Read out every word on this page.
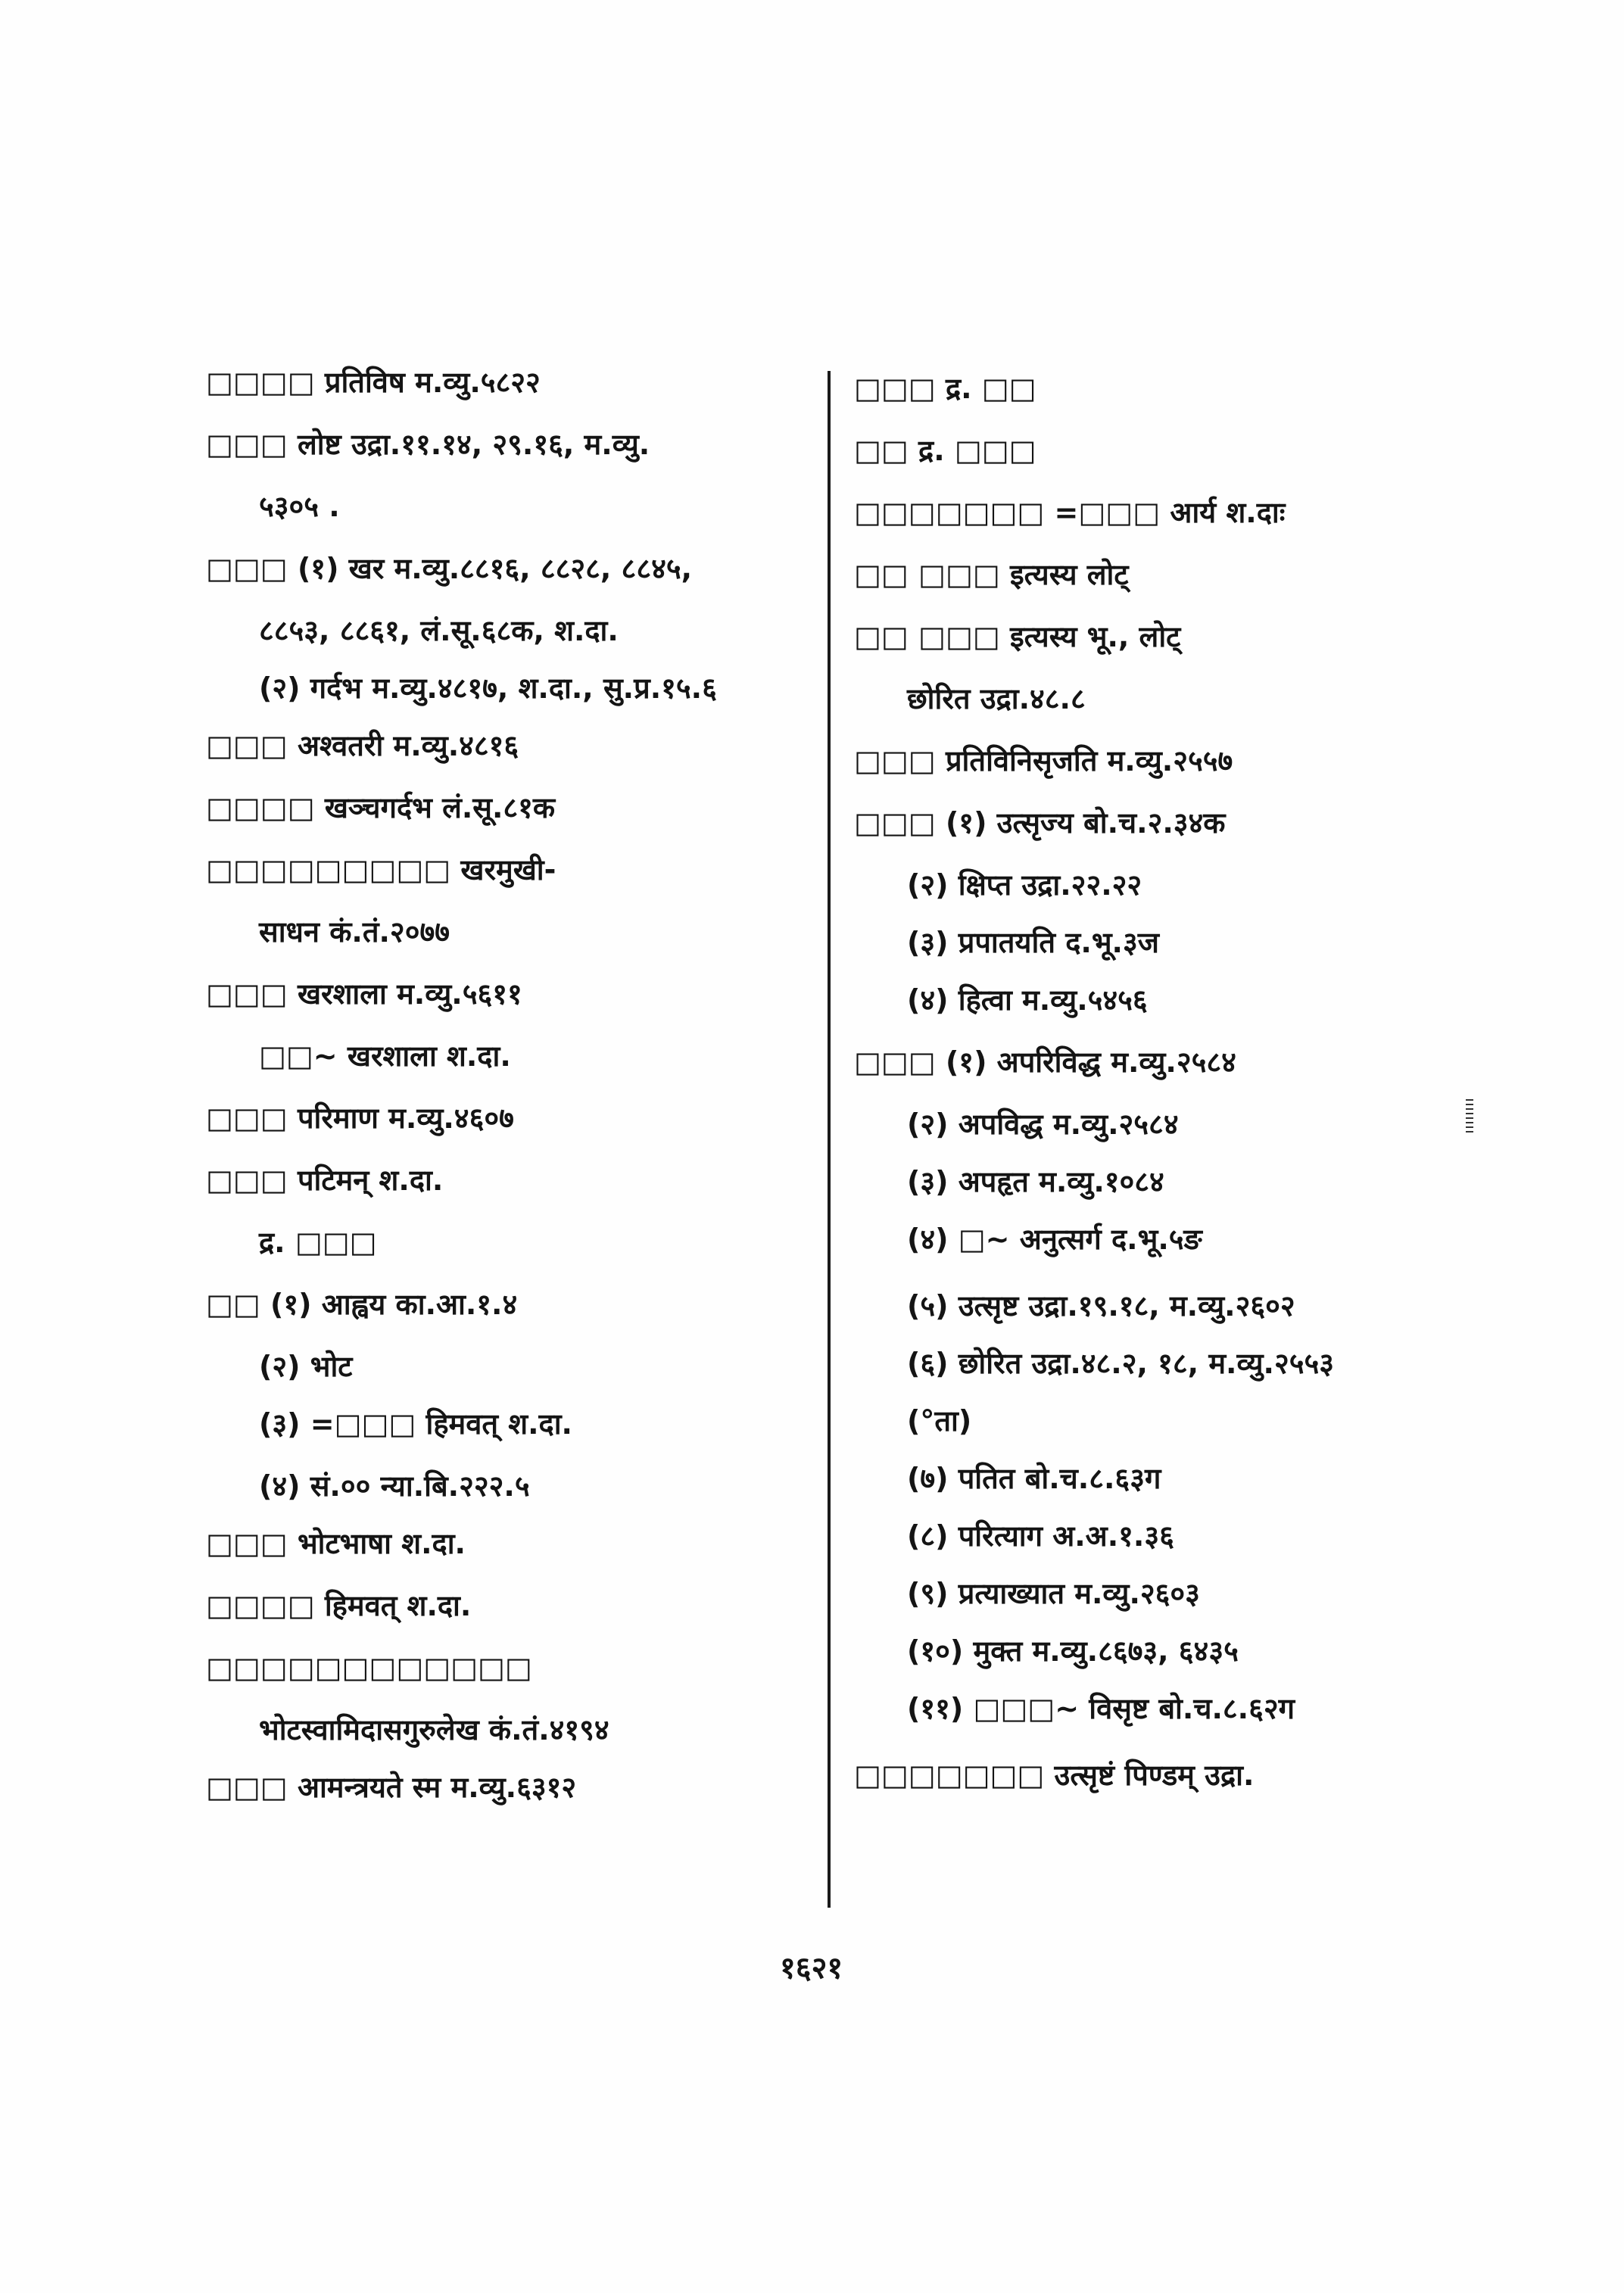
□□□□ प्रतिविष म.व्यु.५८२२
□□□ लोष्ट उद्रा.११.१४, २९.१६, म.व्यु.
५३०५ .
□□□ (१) खर म.व्यु.८८१६, ८८२८, ८८४५,
८८५३, ८८६१, लं.सू.६८क, श.दा.
(२) गर्दभ म.व्यु.४८१७, श.दा., सु.प्र.१५.६
□□□ अश्वतरी म.व्यु.४८१६
□□□□ खञ्चगर्दभ लं.सू.८१क
□□□□□□□□□ खरमुखी-
साधन कं.तं.२०७७
□□□ खरशाला म.व्यु.५६११
□□~ खरशाला श.दा.
□□□ परिमाण म.व्यु.४६०७
□□□ पटिमन् श.दा.
द्र. □□□
□□ (१) आह्वय का.आ.१.४
(२) भोट
(३) =□□□ हिमवत् श.दा.
(४) सं.०० न्या.बि.२२२.५
□□□ भोटभाषा श.दा.
□□□□ हिमवत् श.दा.
□□□□□□□□□□□□
भोटस्वामिदासगुरुलेख कं.तं.४१९४
□□□ आमन्त्रयते स्म म.व्यु.६३१२
□□□ द्र. □□
□□ द्र. □□□
□□□□□□□ =□□□ आर्य श.दाः
□□ □□□ इत्यस्य लोट्
□□ □□□ इत्यस्य भू., लोट्
छोरित उद्रा.४८.८
□□□ प्रतिविनिसृजति म.व्यु.२५५७
□□□ (१) उत्सृज्य बो.च.२.३४क
(२) क्षिप्त उद्रा.२२.२२
(३) प्रपातयति द.भू.३ज
(४) हित्वा म.व्यु.५४५६
□□□ (१) अपरिविद्ध म.व्यु.२५८४
(२) अपविद्ध म.व्यु.२५८४
(३) अपहृत म.व्यु.१०८४
(४) □~ अनुत्सर्ग द.भू.५ङ
(५) उत्सृष्ट उद्रा.१९.१८, म.व्यु.२६०२
(६) छोरित उद्रा.४८.२, १८, म.व्यु.२५५३
(°ता)
(७) पतित बो.च.८.६३ग
(८) परित्याग अ.अ.१.३६
(९) प्रत्याख्यात म.व्यु.२६०३
(१०) मुक्त म.व्यु.८६७३, ६४३५
(११) □□□~ विसृष्ट बो.च.८.६२ग
□□□□□□□ उत्सृष्टं पिण्डम् उद्रा.
१६२१
